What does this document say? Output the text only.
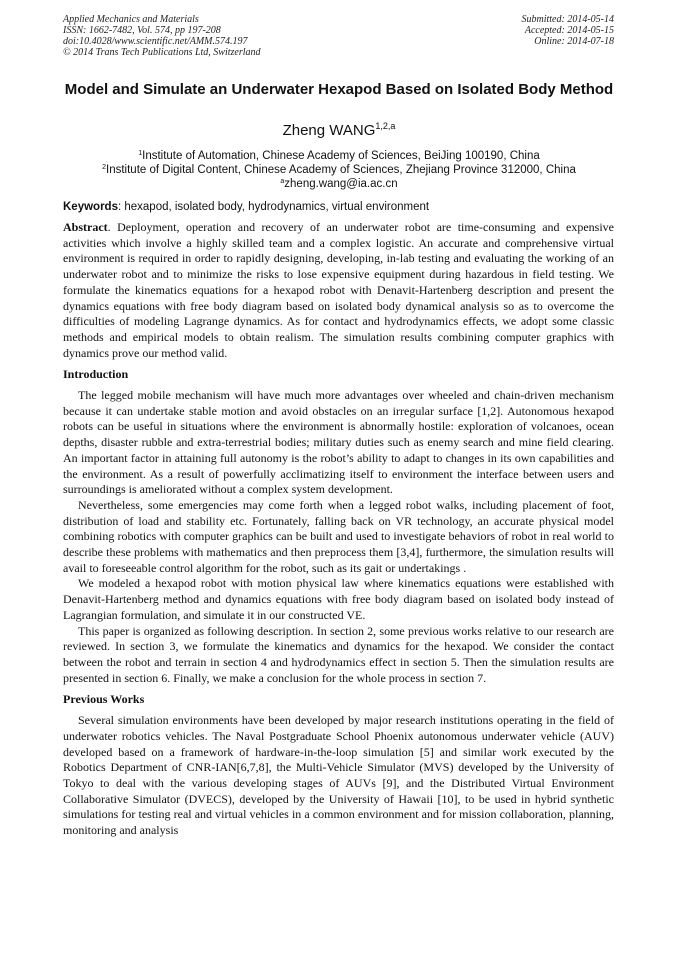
Applied Mechanics and Materials
ISSN: 1662-7482, Vol. 574, pp 197-208
doi:10.4028/www.scientific.net/AMM.574.197
© 2014 Trans Tech Publications Ltd, Switzerland
Submitted: 2014-05-14
Accepted: 2014-05-15
Online: 2014-07-18
Model and Simulate an Underwater Hexapod Based on Isolated Body Method
Zheng WANG$^{1,2,a}$
$^1$Institute of Automation, Chinese Academy of Sciences, BeiJing 100190, China
$^2$Institute of Digital Content, Chinese Academy of Sciences, Zhejiang Province 312000, China
$^a$zheng.wang@ia.ac.cn
Keywords: hexapod, isolated body, hydrodynamics, virtual environment

Abstract. Deployment, operation and recovery of an underwater robot are time-consuming and expensive activities which involve a highly skilled team and a complex logistic. An accurate and comprehensive virtual environment is required in order to rapidly designing, developing, in-lab testing and evaluating the working of an underwater robot and to minimize the risks to lose expensive equipment during hazardous in field testing. We formulate the kinematics equations for a hexapod robot with Denavit-Hartenberg description and present the dynamics equations with free body diagram based on isolated body dynamical analysis so as to overcome the difficulties of modeling Lagrange dynamics. As for contact and hydrodynamics effects, we adopt some classic methods and empirical models to obtain realism. The simulation results combining computer graphics with dynamics prove our method valid.

Introduction

The legged mobile mechanism will have much more advantages over wheeled and chain-driven mechanism because it can undertake stable motion and avoid obstacles on an irregular surface [1,2]. Autonomous hexapod robots can be useful in situations where the environment is abnormally hostile: exploration of volcanoes, ocean depths, disaster rubble and extra-terrestrial bodies; military duties such as enemy search and mine field clearing. An important factor in attaining full autonomy is the robot’s ability to adapt to changes in its own capabilities and the environment. As a result of powerfully acclimatizing itself to environment the interface between users and surroundings is ameliorated without a complex system development.

Nevertheless, some emergencies may come forth when a legged robot walks, including placement of foot, distribution of load and stability etc. Fortunately, falling back on VR technology, an accurate physical model combining robotics with computer graphics can be built and used to investigate behaviors of robot in real world to describe these problems with mathematics and then preprocess them [3,4], furthermore, the simulation results will avail to foreseeable control algorithm for the robot, such as its gait or undertakings .

We modeled a hexapod robot with motion physical law where kinematics equations were established with Denavit-Hartenberg method and dynamics equations with free body diagram based on isolated body instead of Lagrangian formulation, and simulate it in our constructed VE.

This paper is organized as following description. In section 2, some previous works relative to our research are reviewed. In section 3, we formulate the kinematics and dynamics for the hexapod. We consider the contact between the robot and terrain in section 4 and hydrodynamics effect in section 5. Then the simulation results are presented in section 6. Finally, we make a conclusion for the whole process in section 7.

Previous Works

Several simulation environments have been developed by major research institutions operating in the field of underwater robotics vehicles. The Naval Postgraduate School Phoenix autonomous underwater vehicle (AUV) developed based on a framework of hardware-in-the-loop simulation [5] and similar work executed by the Robotics Department of CNR-IAN[6,7,8], the Multi-Vehicle Simulator (MVS) developed by the University of Tokyo to deal with the various developing stages of AUVs [9], and the Distributed Virtual Environment Collaborative Simulator (DVECS), developed by the University of Hawaii [10], to be used in hybrid synthetic simulations for testing real and virtual vehicles in a common environment and for mission collaboration, planning, monitoring and analysis
